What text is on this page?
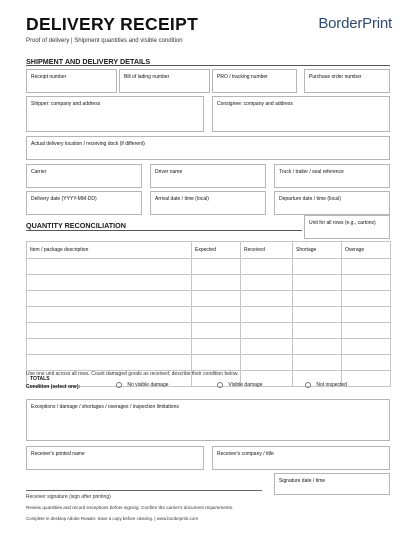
DELIVERY RECEIPT	BorderPrint
Proof of delivery | Shipment quantities and visible condition
SHIPMENT AND DELIVERY DETAILS
Receipt number	Bill of lading number	PRO / tracking number	Purchase order number
Shipper: company and address	Consignee: company and address
Actual delivery location / receiving dock (if different)
Carrier	Driver name	Truck / trailer / seal reference
Delivery date (YYYY-MM-DD)	Arrival date / time (local)	Departure date / time (local)
QUANTITY RECONCILIATION	Unit for all rows (e.g., cartons)
Item / package description	Expected	Received	Shortage	Overage

TOTALS				
Use one unit across all rows. Count damaged goods as received; describe their condition below.
Condition (select one):	No visible damage	Visible damage	Not inspected
Exceptions / damage / shortages / overages / inspection limitations
Receiver's printed name	Receiver's company / title
Signature date / time
Receiver signature (sign after printing)
Review quantities and record exceptions before signing. Confirm the carrier's document requirements.
Complete in desktop Adobe Reader. Save a copy before clearing. | www.borderprint.com
